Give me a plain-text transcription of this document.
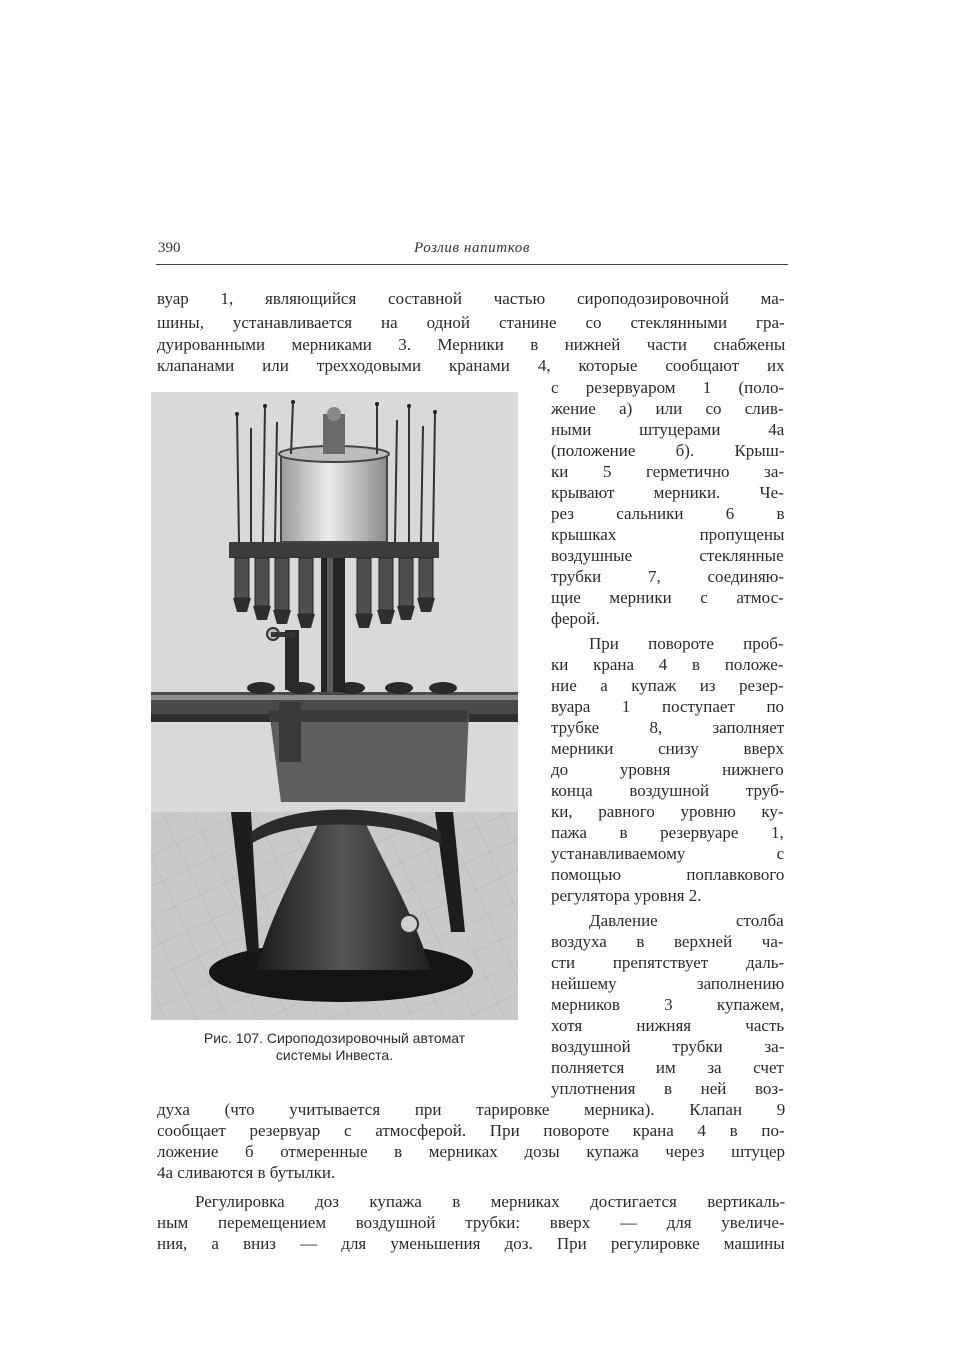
390	Розлив напитков
вуар 1, являющийся составной частью сироподозировочной ма-
шины, устанавливается на одной станине со стеклянными гра-
дуированными мерниками 3. Мерники в нижней части снабжены
клапанами или трехходовыми кранами 4, которые сообщают их
с резервуаром 1 (поло-
жение а) или со слив-
ными штуцерами 4а
(положение б). Крыш-
ки 5 герметично за-
крывают мерники. Че-
рез сальники 6 в
крышках пропущены
воздушные стеклянные
трубки 7, соединяю-
щие мерники с атмос-
ферой.
При повороте проб-
ки крана 4 в положе-
ние а купаж из резер-
вуара 1 поступает по
трубке 8, заполняет
мерники снизу вверх
до уровня нижнего
конца воздушной труб-
ки, равного уровню ку-
пажа в резервуаре 1,
устанавливаемому с
помощью поплавкового
регулятора уровня 2.
Давление столба
воздуха в верхней ча-
сти препятствует даль-
нейшему заполнению
мерников 3 купажем,
хотя нижняя часть
воздушной трубки за-
полняется им за счет
уплотнения в ней воз-
духа (что учитывается при тарировке мерника). Клапан 9
сообщает резервуар с атмосферой. При повороте крана 4 в по-
ложение б отмеренные в мерниках дозы купажа через штуцер
4а сливаются в бутылки.
Регулировка доз купажа в мерниках достигается вертикаль-
ным перемещением воздушной трубки: вверх — для увеличе-
ния, а вниз — для уменьшения доз. При регулировке машины
Рис. 107. Сироподозировочный автомат
системы Инвеста.
